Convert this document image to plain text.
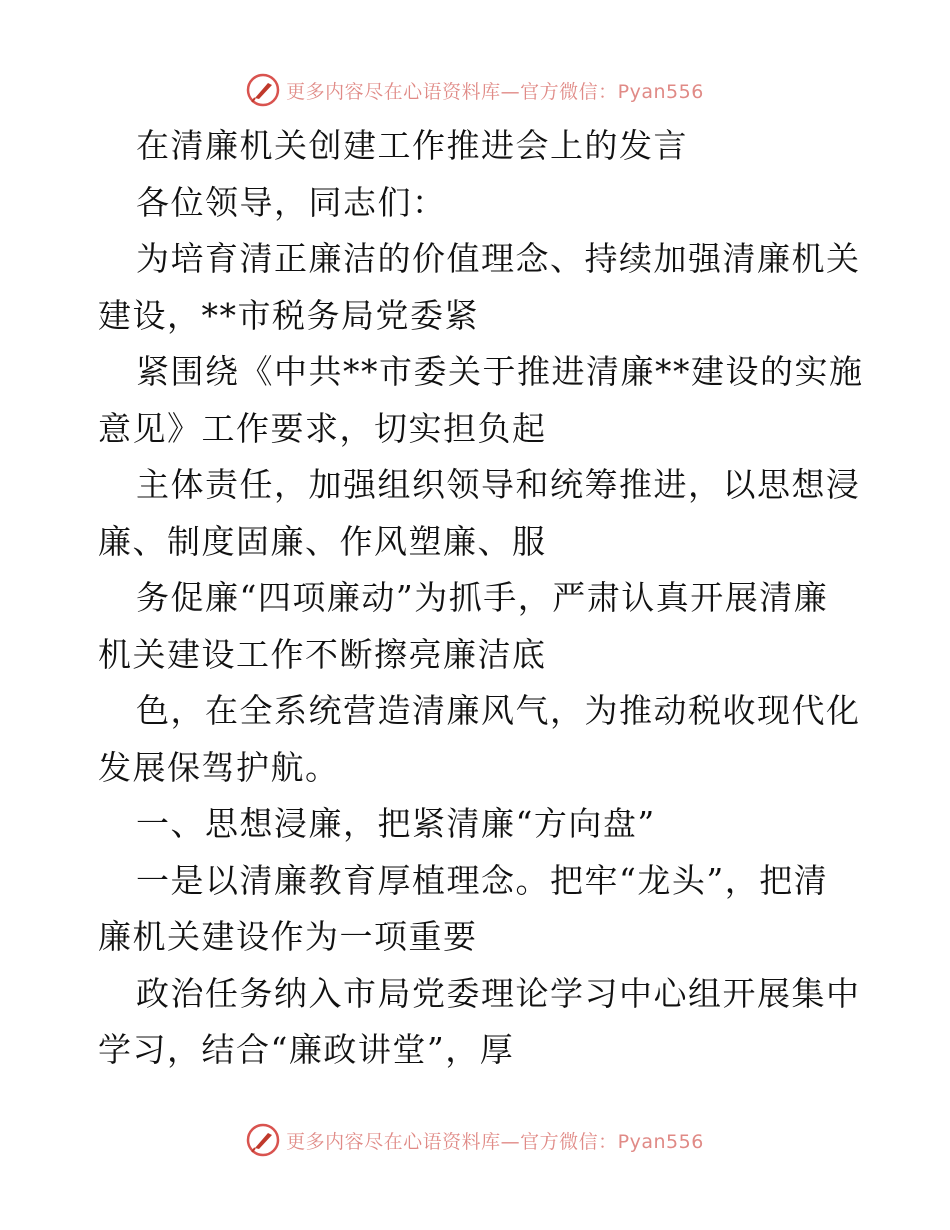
更多内容尽在心语资料库—官方微信：Pyan556

在清廉机关创建工作推进会上的发言

各位领导，同志们：

为培育清正廉洁的价值理念、持续加强清廉机关

建设，**市税务局党委紧

紧围绕《中共**市委关于推进清廉**建设的实施

意见》工作要求，切实担负起

主体责任，加强组织领导和统筹推进，以思想浸

廉、制度固廉、作风塑廉、服

务促廉“四项廉动”为抓手，严肃认真开展清廉

机关建设工作不断擦亮廉洁底

色，在全系统营造清廉风气，为推动税收现代化

发展保驾护航。

一、思想浸廉，把紧清廉“方向盘”

一是以清廉教育厚植理念。把牢“龙头”，把清

廉机关建设作为一项重要

政治任务纳入市局党委理论学习中心组开展集中

学习，结合“廉政讲堂”，厚

更多内容尽在心语资料库—官方微信：Pyan556
